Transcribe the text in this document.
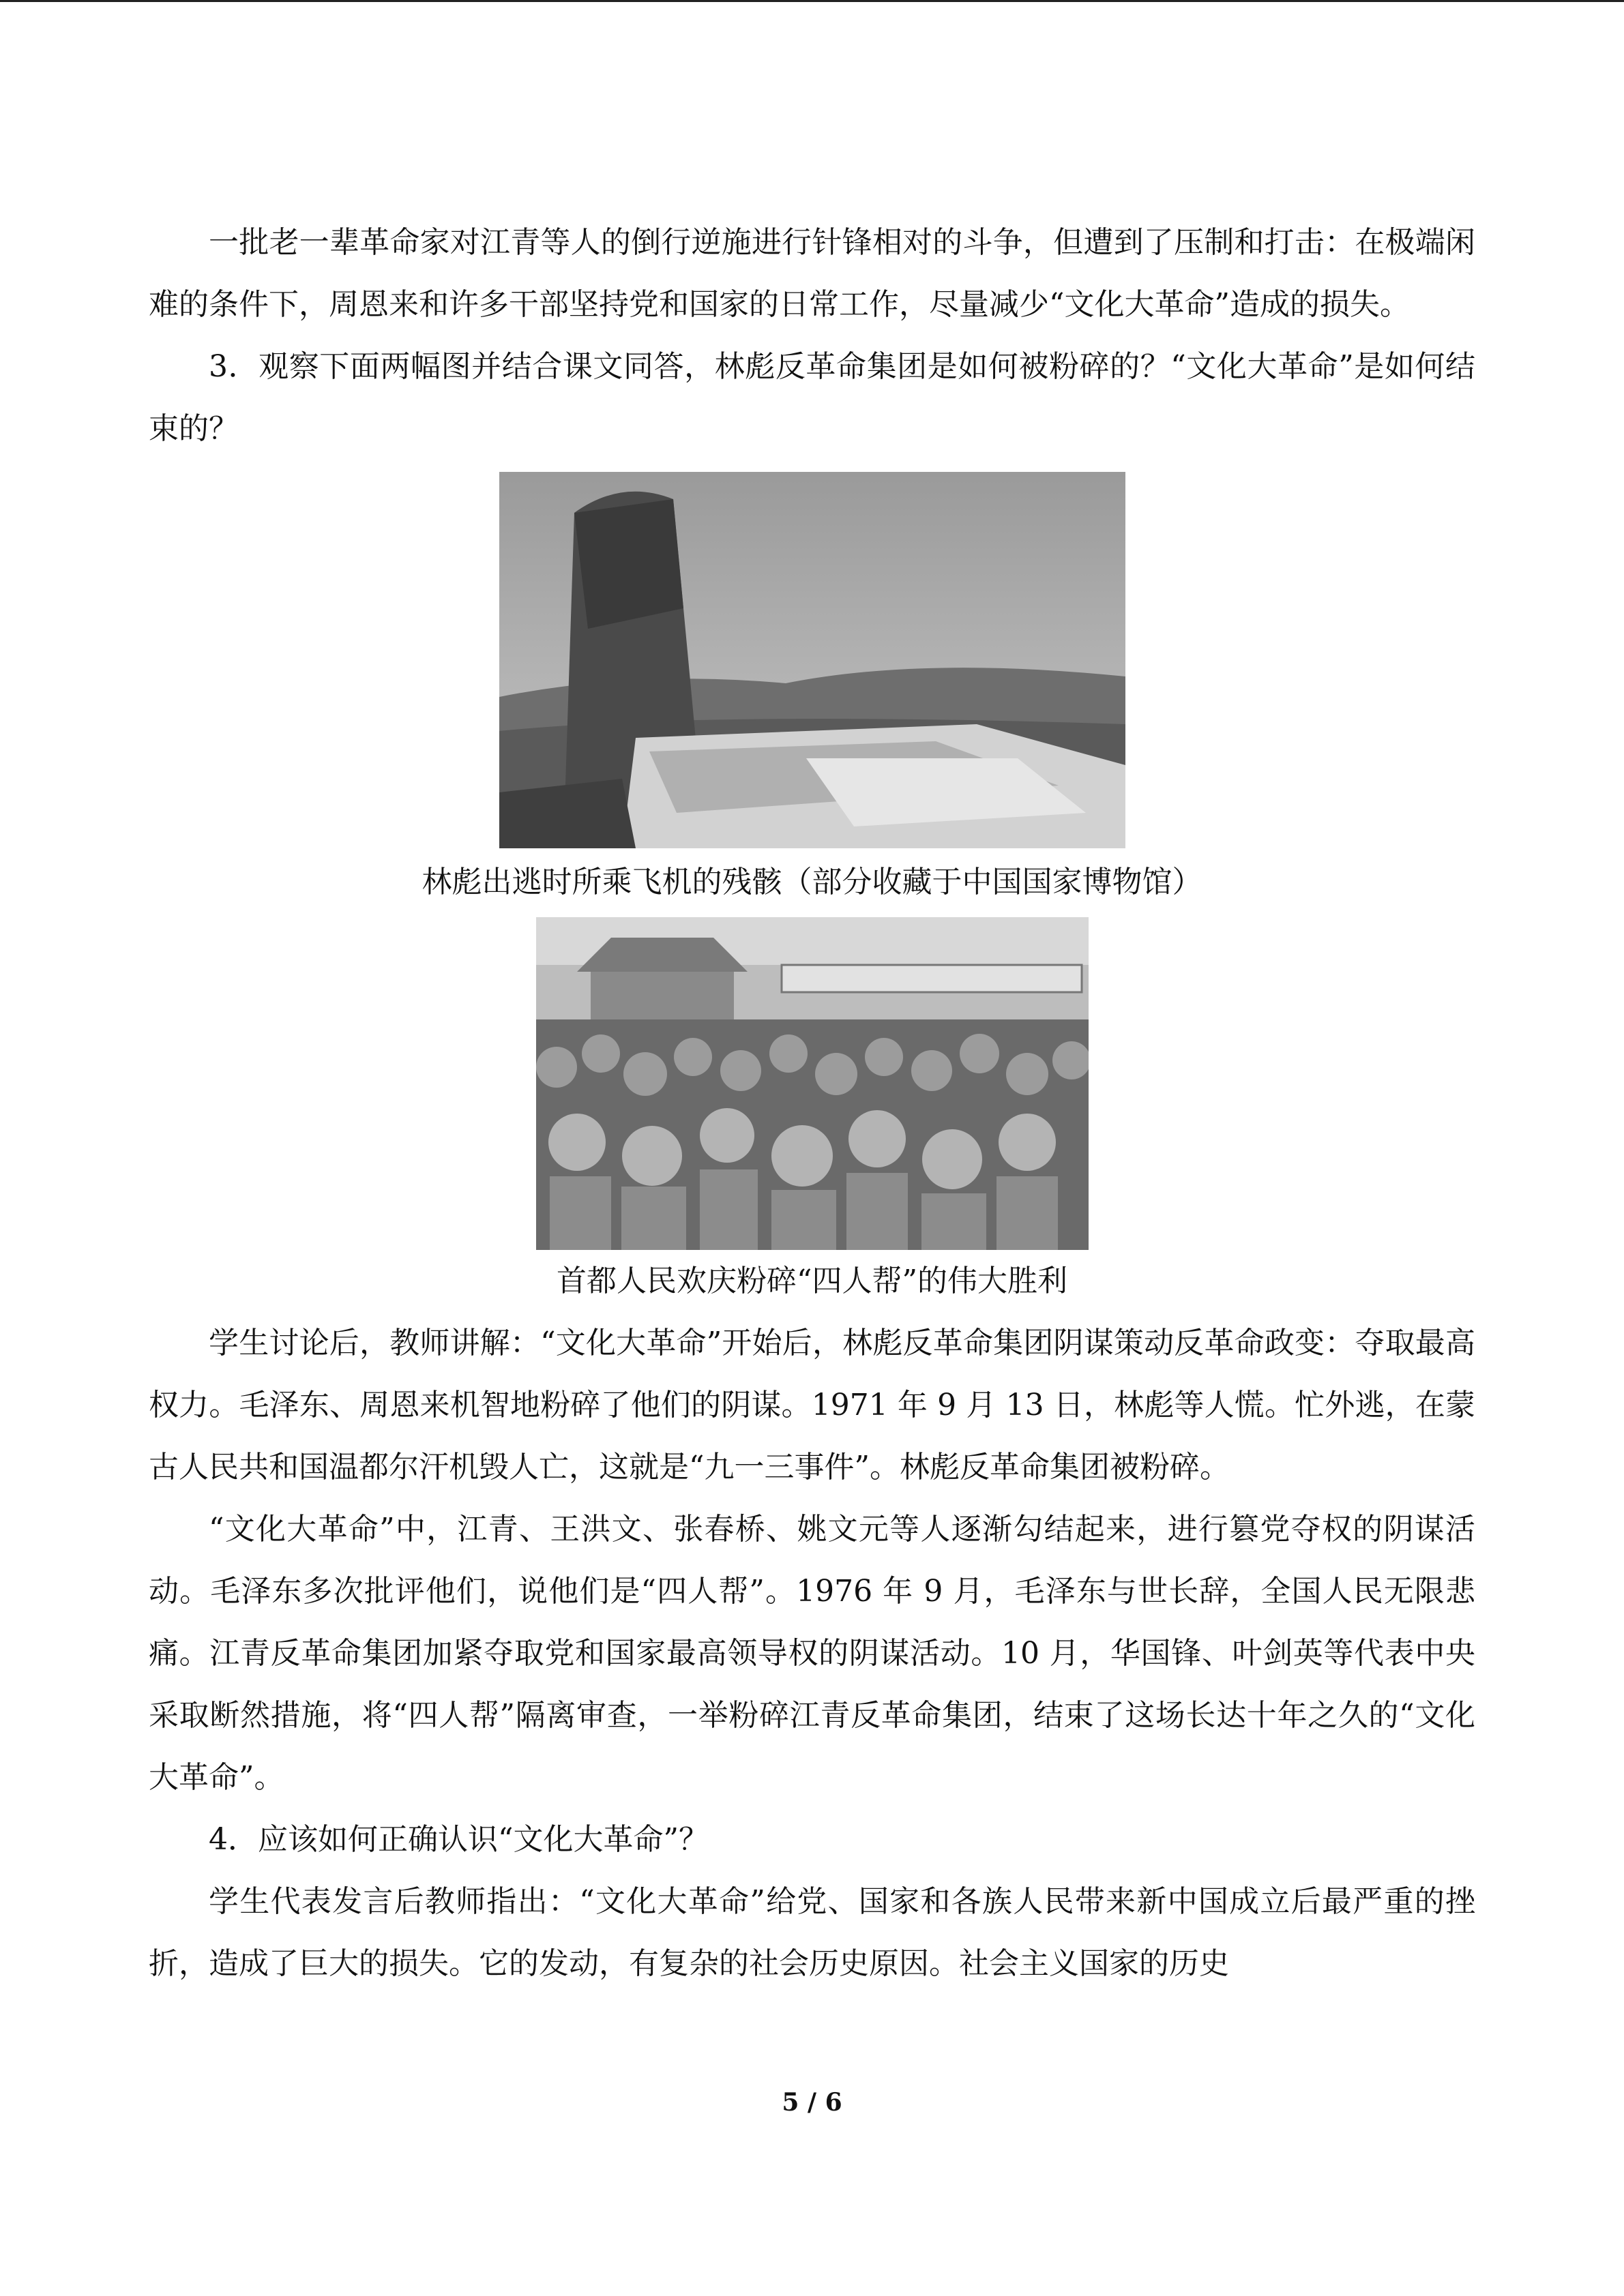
一批老一辈革命家对江青等人的倒行逆施进行针锋相对的斗争，但遭到了压制和打击：在极端闲难的条件下，周恩来和许多干部坚持党和国家的日常工作，尽量减少“文化大革命”造成的损失。

3．观察下面两幅图并结合课文同答，林彪反革命集团是如何被粉碎的？“文化大革命”是如何结束的？

林彪出逃时所乘飞机的残骸（部分收藏于中国国家博物馆）

首都人民欢庆粉碎“四人帮”的伟大胜利

学生讨论后，教师讲解：“文化大革命”开始后，林彪反革命集团阴谋策动反革命政变：夺取最高权力。毛泽东、周恩来机智地粉碎了他们的阴谋。1971 年 9 月 13 日，林彪等人慌。忙外逃，在蒙古人民共和国温都尔汗机毁人亡，这就是“九一三事件”。林彪反革命集团被粉碎。

“文化大革命”中，江青、王洪文、张春桥、姚文元等人逐渐勾结起来，进行篡党夺权的阴谋活动。毛泽东多次批评他们，说他们是“四人帮”。1976 年 9 月，毛泽东与世长辞，全国人民无限悲痛。江青反革命集团加紧夺取党和国家最高领导权的阴谋活动。10 月，华国锋、叶剑英等代表中央采取断然措施，将“四人帮”隔离审查，一举粉碎江青反革命集团，结束了这场长达十年之久的“文化大革命”。

4．应该如何正确认识“文化大革命”？

学生代表发言后教师指出：“文化大革命”给党、国家和各族人民带来新中国成立后最严重的挫折，造成了巨大的损失。它的发动，有复杂的社会历史原因。社会主义国家的历史

5 / 6
